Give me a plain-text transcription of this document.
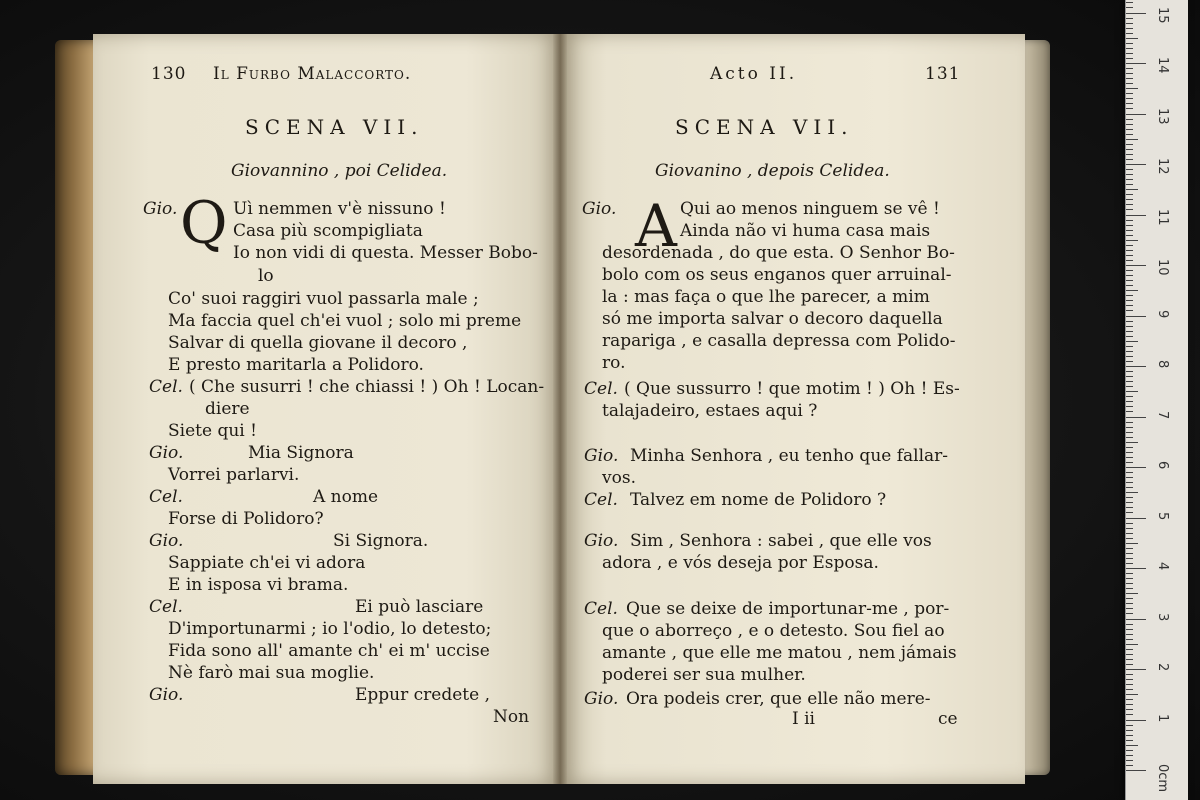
130 Il Furbo Malaccorto.
SCENA VII.
Giovannino , poi Celidea.
Q
Gio.	Uì nemmen v'è nissuno !
Casa più scompigliata
Io non vidi di questa. Messer Bobo-
lo
Co' suoi raggiri vuol passarla male ;
Ma faccia quel ch'ei vuol ; solo mi preme
Salvar di quella giovane il decoro ,
E presto maritarla a Polidoro.
Cel. ( Che susurri ! che chiassi ! ) Oh ! Locan-
diere
Siete qui !
Gio.	Mia Signora
Vorrei parlarvi.
Cel.	A nome
Forse di Polidoro?
Gio.	Si Signora.
Sappiate ch'ei vi adora
E in isposa vi brama.
Cel.	Ei può lasciare
D'importunarmi ; io l'odio, lo detesto;
Fida sono all' amante ch' ei m' uccise
Nè farò mai sua moglie.
Gio.	Eppur credete ,
Non
Acto II.	131
SCENA VII.
Giovanino , depois Celidea.
A
Gio.	Qui ao menos ninguem se vê !
Ainda não vi huma casa mais
desordenada , do que esta. O Senhor Bo-
bolo com os seus enganos quer arruinal-
la : mas faça o que lhe parecer, a mim
só me importa salvar o decoro daquella
rapariga , e casalla depressa com Polido-
ro.
Cel. ( Que sussurro ! que motim ! ) Oh ! Es-
talajadeiro, estaes aqui ?
Gio. Minha Senhora , eu tenho que fallar-
vos.
Cel. Talvez em nome de Polidoro ?
Gio. Sim , Senhora : sabei , que elle vos
adora , e vós deseja por Esposa.
Cel. Que se deixe de importunar-me , por-
que o aborreço , e o detesto. Sou fiel ao
amante , que elle me matou , nem jámais
poderei ser sua mulher.
Gio. Ora podeis crer, que elle não mere-
I ii	ce
0cm
1
2
3
4
5
6
7
8
9
10
11
12
13
14
15
